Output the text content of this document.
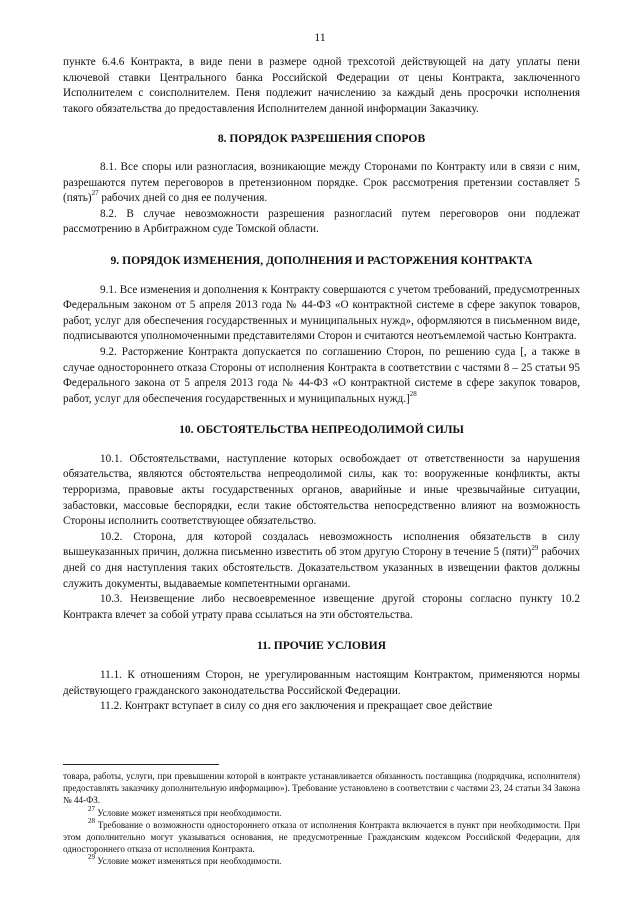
11

пункте 6.4.6 Контракта, в виде пени в размере одной трехсотой действующей на дату уплаты пени ключевой ставки Центрального банка Российской Федерации от цены Контракта, заключенного Исполнителем с соисполнителем. Пеня подлежит начислению за каждый день просрочки исполнения такого обязательства до предоставления Исполнителем данной информации Заказчику.

8. ПОРЯДОК РАЗРЕШЕНИЯ СПОРОВ

8.1. Все споры или разногласия, возникающие между Сторонами по Контракту или в связи с ним, разрешаются путем переговоров в претензионном порядке. Срок рассмотрения претензии составляет 5 (пять)$^{27}$ рабочих дней со дня ее получения.

8.2. В случае невозможности разрешения разногласий путем переговоров они подлежат рассмотрению в Арбитражном суде Томской области.

9. ПОРЯДОК ИЗМЕНЕНИЯ, ДОПОЛНЕНИЯ И РАСТОРЖЕНИЯ КОНТРАКТА

9.1. Все изменения и дополнения к Контракту совершаются с учетом требований, предусмотренных Федеральным законом от 5 апреля 2013 года № 44-ФЗ «О контрактной системе в сфере закупок товаров, работ, услуг для обеспечения государственных и муниципальных нужд», оформляются в письменном виде, подписываются уполномоченными представителями Сторон и считаются неотъемлемой частью Контракта.

9.2. Расторжение Контракта допускается по соглашению Сторон, по решению суда [, а также в случае одностороннего отказа Стороны от исполнения Контракта в соответствии с частями 8 – 25 статьи 95 Федерального закона от 5 апреля 2013 года № 44-ФЗ «О контрактной системе в сфере закупок товаров, работ, услуг для обеспечения государственных и муниципальных нужд.]$^{28}$

10. ОБСТОЯТЕЛЬСТВА НЕПРЕОДОЛИМОЙ СИЛЫ

10.1. Обстоятельствами, наступление которых освобождает от ответственности за нарушения обязательства, являются обстоятельства непреодолимой силы, как то: вооруженные конфликты, акты терроризма, правовые акты государственных органов, аварийные и иные чрезвычайные ситуации, забастовки, массовые беспорядки, если такие обстоятельства непосредственно влияют на возможность Стороны исполнить соответствующее обязательство.

10.2. Сторона, для которой создалась невозможность исполнения обязательств в силу вышеуказанных причин, должна письменно известить об этом другую Сторону в течение 5 (пяти)$^{29}$ рабочих дней со дня наступления таких обстоятельств. Доказательством указанных в извещении фактов должны служить документы, выдаваемые компетентными органами.

10.3. Неизвещение либо несвоевременное извещение другой стороны согласно пункту 10.2 Контракта влечет за собой утрату права ссылаться на эти обстоятельства.

11. ПРОЧИЕ УСЛОВИЯ

11.1. К отношениям Сторон, не урегулированным настоящим Контрактом, применяются нормы действующего гражданского законодательства Российской Федерации.

11.2. Контракт вступает в силу со дня его заключения и прекращает свое действие

товара, работы, услуги, при превышении которой в контракте устанавливается обязанность поставщика (подрядчика, исполнителя) предоставлять заказчику дополнительную информацию»). Требование установлено в соответствии с частями 23, 24 статьи 34 Закона № 44-ФЗ.

$^{27}$ Условие может изменяться при необходимости.

$^{28}$ Требование о возможности одностороннего отказа от исполнения Контракта включается в пункт при необходимости. При этом дополнительно могут указываться основания, не предусмотренные Гражданским кодексом Российской Федерации, для одностороннего отказа от исполнения Контракта.

$^{29}$ Условие может изменяться при необходимости.
